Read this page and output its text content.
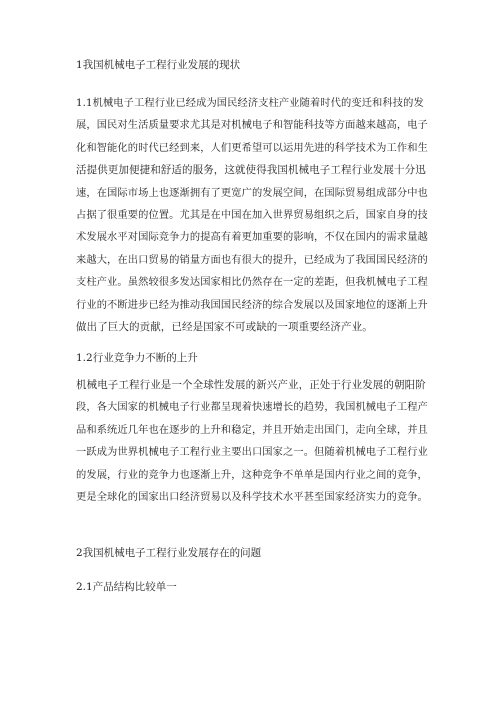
1我国机械电子工程行业发展的现状

1.1机械电子工程行业已经成为国民经济支柱产业随着时代的变迁和科技的发
展，国民对生活质量要求尤其是对机械电子和智能科技等方面越来越高，电子
化和智能化的时代已经到来，人们更希望可以运用先进的科学技术为工作和生
活提供更加便捷和舒适的服务，这就使得我国机械电子工程行业发展十分迅
速，在国际市场上也逐渐拥有了更宽广的发展空间，在国际贸易组成部分中也
占据了很重要的位置。尤其是在中国在加入世界贸易组织之后，国家自身的技
术发展水平对国际竞争力的提高有着更加重要的影响，不仅在国内的需求量越
来越大，在出口贸易的销量方面也有很大的提升，已经成为了我国国民经济的
支柱产业。虽然较很多发达国家相比仍然存在一定的差距，但我机械电子工程
行业的不断进步已经为推动我国国民经济的综合发展以及国家地位的逐渐上升
做出了巨大的贡献，已经是国家不可或缺的一项重要经济产业。

1.2行业竞争力不断的上升

机械电子工程行业是一个全球性发展的新兴产业，正处于行业发展的朝阳阶
段，各大国家的机械电子行业都呈现着快速增长的趋势，我国机械电子工程产
品和系统近几年也在逐步的上升和稳定，并且开始走出国门，走向全球，并且
一跃成为世界机械电子工程行业主要出口国家之一。但随着机械电子工程行业
的发展，行业的竞争力也逐渐上升，这种竞争不单单是国内行业之间的竞争，
更是全球化的国家出口经济贸易以及科学技术水平甚至国家经济实力的竞争。

2我国机械电子工程行业发展存在的问题

2.1产品结构比较单一
